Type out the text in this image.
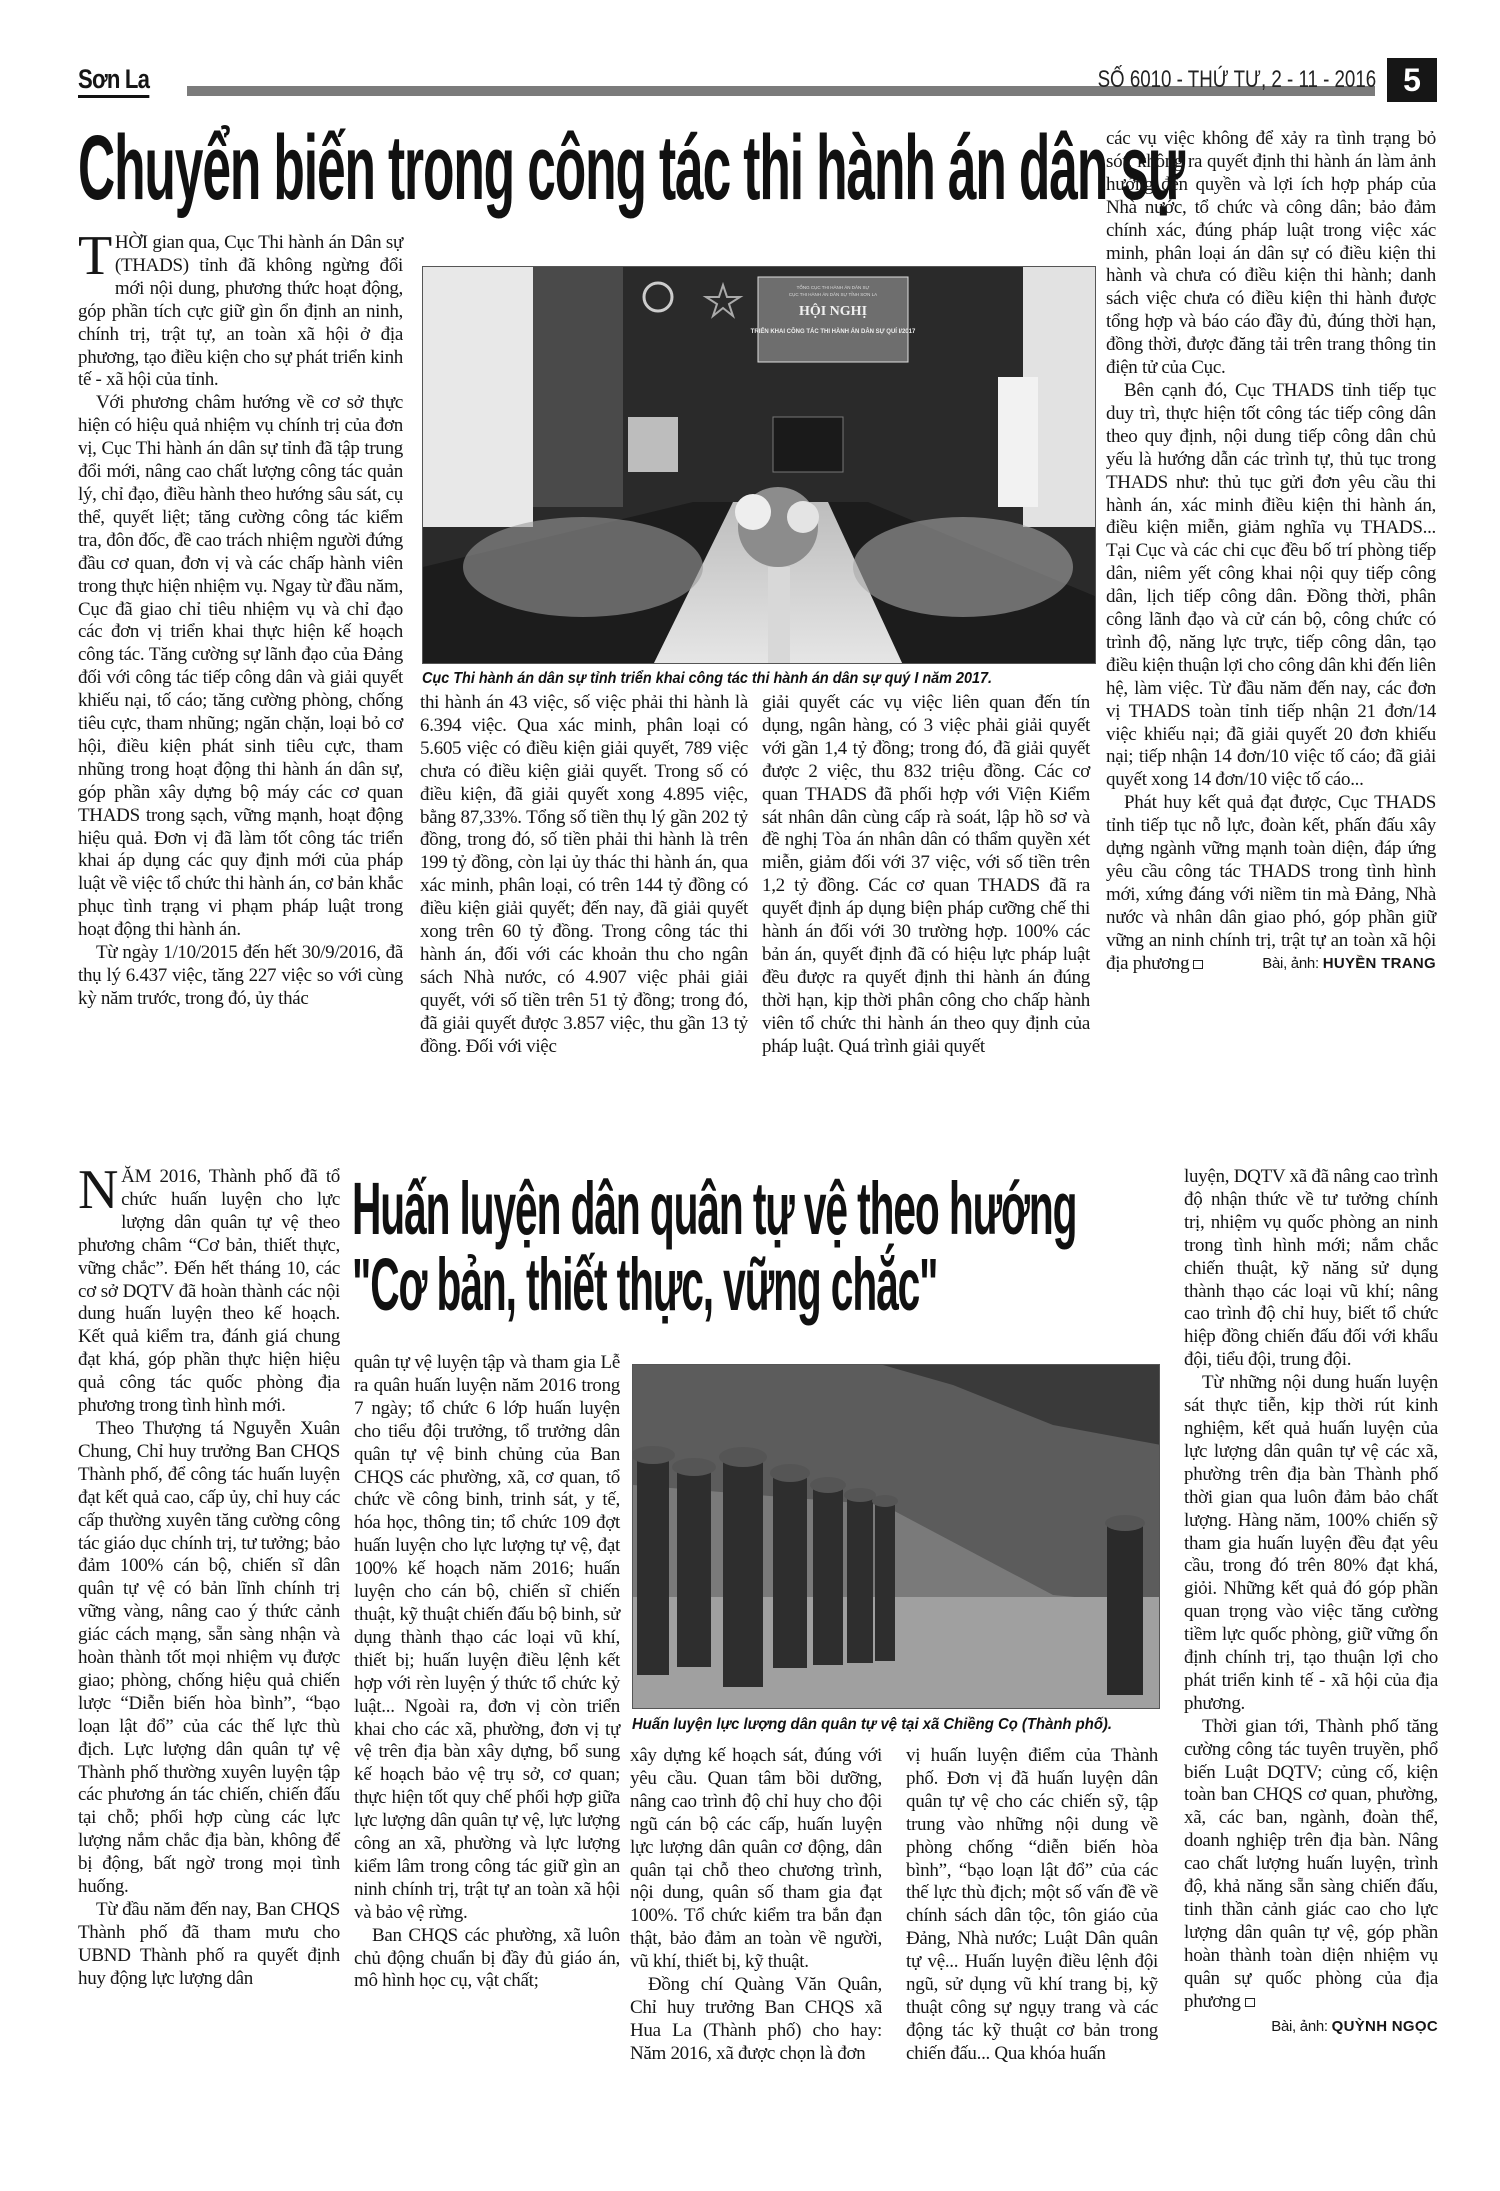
Sơn La	SỐ 6010 - THỨ TƯ, 2 - 11 - 2016 5
Chuyển biến trong công tác thi hành án dân sự

THỜI gian qua, Cục Thi hành án Dân sự (THADS) tỉnh đã không ngừng đổi mới nội dung, phương thức hoạt động, góp phần tích cực giữ gìn ổn định an ninh, chính trị, trật tự, an toàn xã hội ở địa phương, tạo điều kiện cho sự phát triển kinh tế - xã hội của tỉnh.

Với phương châm hướng về cơ sở thực hiện có hiệu quả nhiệm vụ chính trị của đơn vị, Cục Thi hành án dân sự tỉnh đã tập trung đổi mới, nâng cao chất lượng công tác quản lý, chỉ đạo, điều hành theo hướng sâu sát, cụ thể, quyết liệt; tăng cường công tác kiểm tra, đôn đốc, đề cao trách nhiệm người đứng đầu cơ quan, đơn vị và các chấp hành viên trong thực hiện nhiệm vụ. Ngay từ đầu năm, Cục đã giao chỉ tiêu nhiệm vụ và chỉ đạo các đơn vị triển khai thực hiện kế hoạch công tác. Tăng cường sự lãnh đạo của Đảng đối với công tác tiếp công dân và giải quyết khiếu nại, tố cáo; tăng cường phòng, chống tiêu cực, tham nhũng; ngăn chặn, loại bỏ cơ hội, điều kiện phát sinh tiêu cực, tham nhũng trong hoạt động thi hành án dân sự, góp phần xây dựng bộ máy các cơ quan THADS trong sạch, vững mạnh, hoạt động hiệu quả. Đơn vị đã làm tốt công tác triển khai áp dụng các quy định mới của pháp luật về việc tổ chức thi hành án, cơ bản khắc phục tình trạng vi phạm pháp luật trong hoạt động thi hành án.

Từ ngày 1/10/2015 đến hết 30/9/2016, đã thụ lý 6.437 việc, tăng 227 việc so với cùng kỳ năm trước, trong đó, ủy thác

TỔNG CỤC THI HÀNH ÁN DÂN SỰ
CỤC THI HÀNH ÁN DÂN SỰ TỈNH SƠN LA
HỘI NGHỊ
TRIỂN KHAI CÔNG TÁC THI HÀNH ÁN DÂN SỰ QUÍ I/2017
Cục Thi hành án dân sự tỉnh triển khai công tác thi hành án dân sự quý I năm 2017.

thi hành án 43 việc, số việc phải thi hành là 6.394 việc. Qua xác minh, phân loại có 5.605 việc có điều kiện giải quyết, 789 việc chưa có điều kiện giải quyết. Trong số có điều kiện, đã giải quyết xong 4.895 việc, bằng 87,33%. Tổng số tiền thụ lý gần 202 tỷ đồng, trong đó, số tiền phải thi hành là trên 199 tỷ đồng, còn lại ủy thác thi hành án, qua xác minh, phân loại, có trên 144 tỷ đồng có điều kiện giải quyết; đến nay, đã giải quyết xong trên 60 tỷ đồng. Trong công tác thi hành án, đối với các khoản thu cho ngân sách Nhà nước, có 4.907 việc phải giải quyết, với số tiền trên 51 tỷ đồng; trong đó, đã giải quyết được 3.857 việc, thu gần 13 tỷ đồng. Đối với việc

giải quyết các vụ việc liên quan đến tín dụng, ngân hàng, có 3 việc phải giải quyết với gần 1,4 tỷ đồng; trong đó, đã giải quyết được 2 việc, thu 832 triệu đồng. Các cơ quan THADS đã phối hợp với Viện Kiểm sát nhân dân cùng cấp rà soát, lập hồ sơ và đề nghị Tòa án nhân dân có thẩm quyền xét miễn, giảm đối với 37 việc, với số tiền trên 1,2 tỷ đồng. Các cơ quan THADS đã ra quyết định áp dụng biện pháp cưỡng chế thi hành án đối với 30 trường hợp. 100% các bản án, quyết định đã có hiệu lực pháp luật đều được ra quyết định thi hành án đúng thời hạn, kịp thời phân công cho chấp hành viên tổ chức thi hành án theo quy định của pháp luật. Quá trình giải quyết

các vụ việc không để xảy ra tình trạng bỏ sót; không ra quyết định thi hành án làm ảnh hưởng đến quyền và lợi ích hợp pháp của Nhà nước, tổ chức và công dân; bảo đảm chính xác, đúng pháp luật trong việc xác minh, phân loại án dân sự có điều kiện thi hành và chưa có điều kiện thi hành; danh sách việc chưa có điều kiện thi hành được tổng hợp và báo cáo đầy đủ, đúng thời hạn, đồng thời, được đăng tải trên trang thông tin điện tử của Cục.

Bên cạnh đó, Cục THADS tỉnh tiếp tục duy trì, thực hiện tốt công tác tiếp công dân theo quy định, nội dung tiếp công dân chủ yếu là hướng dẫn các trình tự, thủ tục trong THADS như: thủ tục gửi đơn yêu cầu thi hành án, xác minh điều kiện thi hành án, điều kiện miễn, giảm nghĩa vụ THADS... Tại Cục và các chi cục đều bố trí phòng tiếp dân, niêm yết công khai nội quy tiếp công dân, lịch tiếp công dân. Đồng thời, phân công lãnh đạo và cử cán bộ, công chức có trình độ, năng lực trực, tiếp công dân, tạo điều kiện thuận lợi cho công dân khi đến liên hệ, làm việc. Từ đầu năm đến nay, các đơn vị THADS toàn tỉnh tiếp nhận 21 đơn/14 việc khiếu nại; đã giải quyết 20 đơn khiếu nại; tiếp nhận 14 đơn/10 việc tố cáo; đã giải quyết xong 14 đơn/10 việc tố cáo...

Phát huy kết quả đạt được, Cục THADS tỉnh tiếp tục nỗ lực, đoàn kết, phấn đấu xây dựng ngành vững mạnh toàn diện, đáp ứng yêu cầu công tác THADS trong tình hình mới, xứng đáng với niềm tin mà Đảng, Nhà nước và nhân dân giao phó, góp phần giữ vững an ninh chính trị, trật tự an toàn xã hội địa phương	Bài, ảnh: HUYỀN TRANG

Huấn luyện dân quân tự vệ theo hướng
"Cơ bản, thiết thực, vững chắc"

NĂM 2016, Thành phố đã tổ chức huấn luyện cho lực lượng dân quân tự vệ theo phương châm “Cơ bản, thiết thực, vững chắc”. Đến hết tháng 10, các cơ sở DQTV đã hoàn thành các nội dung huấn luyện theo kế hoạch. Kết quả kiểm tra, đánh giá chung đạt khá, góp phần thực hiện hiệu quả công tác quốc phòng địa phương trong tình hình mới.

Theo Thượng tá Nguyễn Xuân Chung, Chỉ huy trưởng Ban CHQS Thành phố, để công tác huấn luyện đạt kết quả cao, cấp ủy, chỉ huy các cấp thường xuyên tăng cường công tác giáo dục chính trị, tư tưởng; bảo đảm 100% cán bộ, chiến sĩ dân quân tự vệ có bản lĩnh chính trị vững vàng, nâng cao ý thức cảnh giác cách mạng, sẵn sàng nhận và hoàn thành tốt mọi nhiệm vụ được giao; phòng, chống hiệu quả chiến lược “Diễn biến hòa bình”, “bạo loạn lật đổ” của các thế lực thù địch. Lực lượng dân quân tự vệ Thành phố thường xuyên luyện tập các phương án tác chiến, chiến đấu tại chỗ; phối hợp cùng các lực lượng nắm chắc địa bàn, không để bị động, bất ngờ trong mọi tình huống.

Từ đầu năm đến nay, Ban CHQS Thành phố đã tham mưu cho UBND Thành phố ra quyết định huy động lực lượng dân

quân tự vệ luyện tập và tham gia Lễ ra quân huấn luyện năm 2016 trong 7 ngày; tổ chức 6 lớp huấn luyện cho tiểu đội trưởng, tổ trưởng dân quân tự vệ binh chủng của Ban CHQS các phường, xã, cơ quan, tổ chức về công binh, trinh sát, y tế, hóa học, thông tin; tổ chức 109 đợt huấn luyện cho lực lượng tự vệ, đạt 100% kế hoạch năm 2016; huấn luyện cho cán bộ, chiến sĩ chiến thuật, kỹ thuật chiến đấu bộ binh, sử dụng thành thạo các loại vũ khí, thiết bị; huấn luyện điều lệnh kết hợp với rèn luyện ý thức tổ chức kỷ luật... Ngoài ra, đơn vị còn triển khai cho các xã, phường, đơn vị tự vệ trên địa bàn xây dựng, bổ sung kế hoạch bảo vệ trụ sở, cơ quan; thực hiện tốt quy chế phối hợp giữa lực lượng dân quân tự vệ, lực lượng công an xã, phường và lực lượng kiểm lâm trong công tác giữ gìn an ninh chính trị, trật tự an toàn xã hội và bảo vệ rừng.

Ban CHQS các phường, xã luôn chủ động chuẩn bị đầy đủ giáo án, mô hình học cụ, vật chất;

Huấn luyện lực lượng dân quân tự vệ tại xã Chiềng Cọ (Thành phố).

xây dựng kế hoạch sát, đúng với yêu cầu. Quan tâm bồi dưỡng, nâng cao trình độ chỉ huy cho đội ngũ cán bộ các cấp, huấn luyện lực lượng dân quân cơ động, dân quân tại chỗ theo chương trình, nội dung, quân số tham gia đạt 100%. Tổ chức kiểm tra bắn đạn thật, bảo đảm an toàn về người, vũ khí, thiết bị, kỹ thuật.

Đồng chí Quàng Văn Quân, Chỉ huy trưởng Ban CHQS xã Hua La (Thành phố) cho hay: Năm 2016, xã được chọn là đơn

vị huấn luyện điểm của Thành phố. Đơn vị đã huấn luyện dân quân tự vệ cho các chiến sỹ, tập trung vào những nội dung về phòng chống “diễn biến hòa bình”, “bạo loạn lật đổ” của các thế lực thù địch; một số vấn đề về chính sách dân tộc, tôn giáo của Đảng, Nhà nước; Luật Dân quân tự vệ... Huấn luyện điều lệnh đội ngũ, sử dụng vũ khí trang bị, kỹ thuật công sự ngụy trang và các động tác kỹ thuật cơ bản trong chiến đấu... Qua khóa huấn

luyện, DQTV xã đã nâng cao trình độ nhận thức về tư tưởng chính trị, nhiệm vụ quốc phòng an ninh trong tình hình mới; nắm chắc chiến thuật, kỹ năng sử dụng thành thạo các loại vũ khí; nâng cao trình độ chỉ huy, biết tổ chức hiệp đồng chiến đấu đối với khẩu đội, tiểu đội, trung đội.

Từ những nội dung huấn luyện sát thực tiễn, kịp thời rút kinh nghiệm, kết quả huấn luyện của lực lượng dân quân tự vệ các xã, phường trên địa bàn Thành phố thời gian qua luôn đảm bảo chất lượng. Hàng năm, 100% chiến sỹ tham gia huấn luyện đều đạt yêu cầu, trong đó trên 80% đạt khá, giỏi. Những kết quả đó góp phần quan trọng vào việc tăng cường tiềm lực quốc phòng, giữ vững ổn định chính trị, tạo thuận lợi cho phát triển kinh tế - xã hội của địa phương.

Thời gian tới, Thành phố tăng cường công tác tuyên truyền, phổ biến Luật DQTV; củng cố, kiện toàn ban CHQS cơ quan, phường, xã, các ban, ngành, đoàn thể, doanh nghiệp trên địa bàn. Nâng cao chất lượng huấn luyện, trình độ, khả năng sẵn sàng chiến đấu, tinh thần cảnh giác cao cho lực lượng dân quân tự vệ, góp phần hoàn thành toàn diện nhiệm vụ quân sự quốc phòng của địa phương

Bài, ảnh: QUỲNH NGỌC
